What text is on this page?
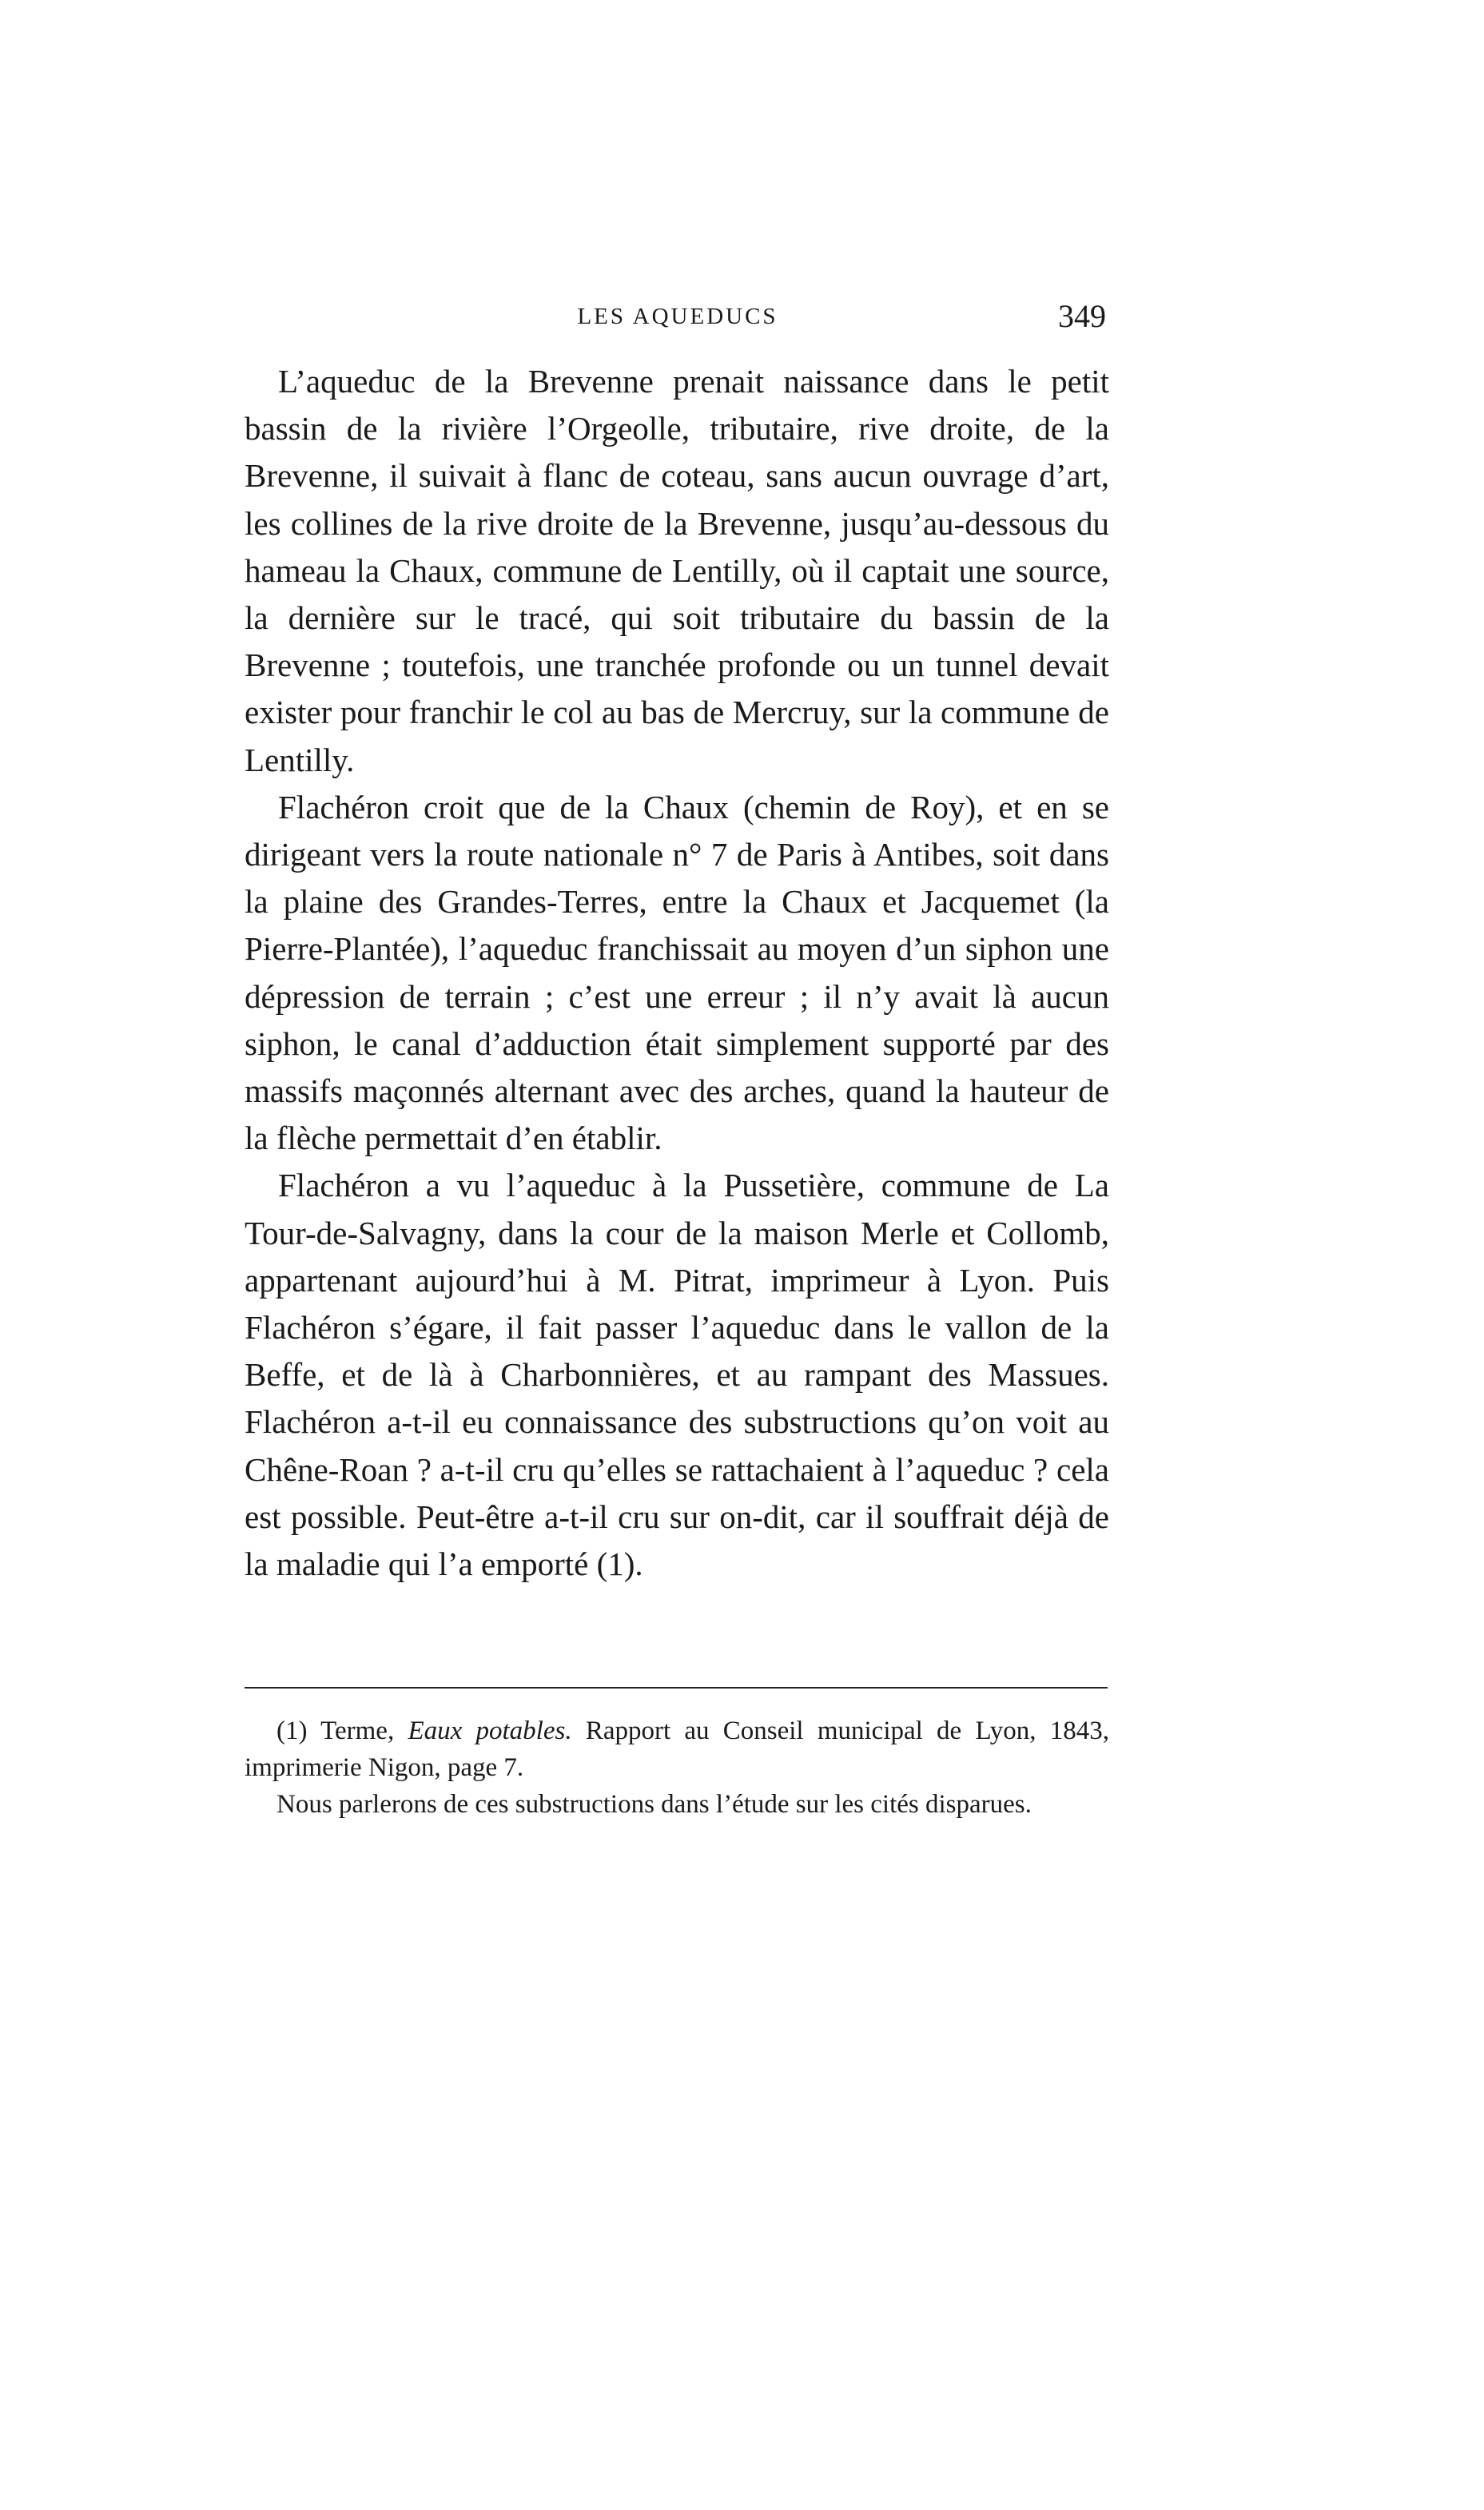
LES AQUEDUCS	349

L’aqueduc de la Brevenne prenait naissance dans le petit bassin de la rivière l’Orgeolle, tributaire, rive droite, de la Brevenne, il suivait à flanc de coteau, sans aucun ouvrage d’art, les collines de la rive droite de la Brevenne, jusqu’au-dessous du hameau la Chaux, commune de Lentilly, où il captait une source, la dernière sur le tracé, qui soit tributaire du bassin de la Brevenne ; toutefois, une tranchée profonde ou un tunnel devait exister pour franchir le col au bas de Mercruy, sur la commune de Lentilly.

Flachéron croit que de la Chaux (chemin de Roy), et en se dirigeant vers la route nationale n° 7 de Paris à Antibes, soit dans la plaine des Grandes-Terres, entre la Chaux et Jacquemet (la Pierre-Plantée), l’aqueduc franchissait au moyen d’un siphon une dépression de terrain ; c’est une erreur ; il n’y avait là aucun siphon, le canal d’adduction était simplement supporté par des massifs maçonnés alternant avec des arches, quand la hauteur de la flèche permettait d’en établir.

Flachéron a vu l’aqueduc à la Pussetière, commune de La Tour-de-Salvagny, dans la cour de la maison Merle et Collomb, appartenant aujourd’hui à M. Pitrat, imprimeur à Lyon. Puis Flachéron s’égare, il fait passer l’aqueduc dans le vallon de la Beffe, et de là à Charbonnières, et au rampant des Massues. Flachéron a-t-il eu connaissance des substructions qu’on voit au Chêne-Roan ? a-t-il cru qu’elles se rattachaient à l’aqueduc ? cela est possible. Peut-être a-t-il cru sur on-dit, car il souffrait déjà de la maladie qui l’a emporté (1).

(1) Terme, Eaux potables. Rapport au Conseil municipal de Lyon, 1843, imprimerie Nigon, page 7.

Nous parlerons de ces substructions dans l’étude sur les cités disparues.
